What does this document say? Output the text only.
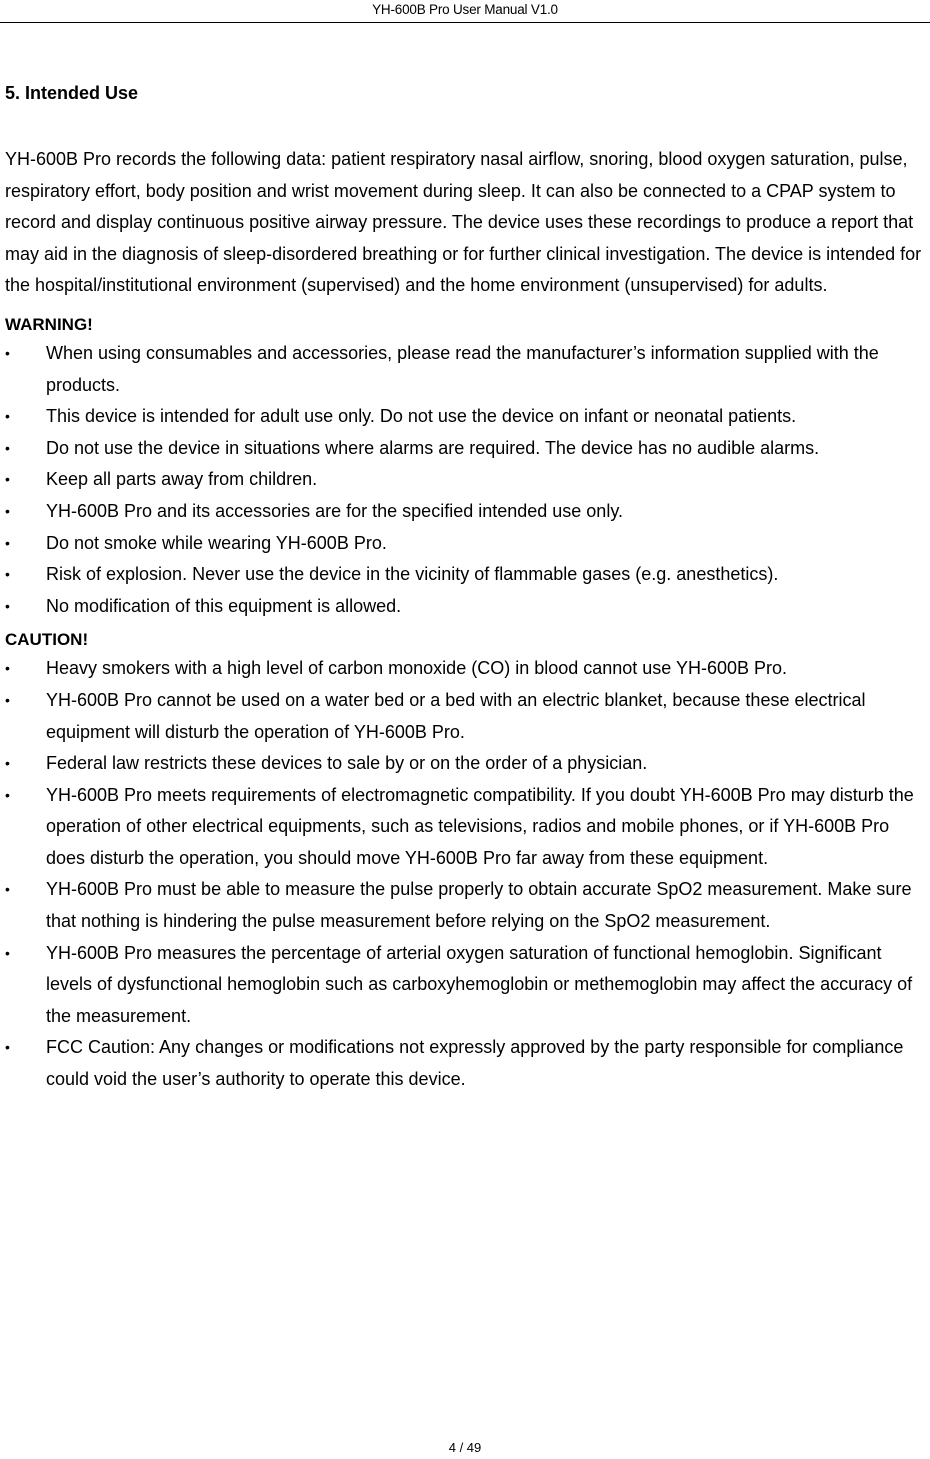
YH-600B Pro User Manual V1.0

5. Intended Use

YH-600B Pro records the following data: patient respiratory nasal airflow, snoring, blood oxygen saturation, pulse, respiratory effort, body position and wrist movement during sleep. It can also be connected to a CPAP system to record and display continuous positive airway pressure. The device uses these recordings to produce a report that may aid in the diagnosis of sleep-disordered breathing or for further clinical investigation. The device is intended for the hospital/institutional environment (supervised) and the home environment (unsupervised) for adults.

WARNING!

• When using consumables and accessories, please read the manufacturer’s information supplied with the products.
• This device is intended for adult use only. Do not use the device on infant or neonatal patients.
• Do not use the device in situations where alarms are required. The device has no audible alarms.
• Keep all parts away from children.
• YH-600B Pro and its accessories are for the specified intended use only.
• Do not smoke while wearing YH-600B Pro.
• Risk of explosion. Never use the device in the vicinity of flammable gases (e.g. anesthetics).
• No modification of this equipment is allowed.

CAUTION!

• Heavy smokers with a high level of carbon monoxide (CO) in blood cannot use YH-600B Pro.
• YH-600B Pro cannot be used on a water bed or a bed with an electric blanket, because these electrical equipment will disturb the operation of YH-600B Pro.
• Federal law restricts these devices to sale by or on the order of a physician.
• YH-600B Pro meets requirements of electromagnetic compatibility. If you doubt YH-600B Pro may disturb the operation of other electrical equipments, such as televisions, radios and mobile phones, or if YH-600B Pro does disturb the operation, you should move YH-600B Pro far away from these equipment.
• YH-600B Pro must be able to measure the pulse properly to obtain accurate SpO2 measurement. Make sure that nothing is hindering the pulse measurement before relying on the SpO2 measurement.
• YH-600B Pro measures the percentage of arterial oxygen saturation of functional hemoglobin. Significant levels of dysfunctional hemoglobin such as carboxyhemoglobin or methemoglobin may affect the accuracy of the measurement.
• FCC Caution: Any changes or modifications not expressly approved by the party responsible for compliance could void the user’s authority to operate this device.
4 / 49
